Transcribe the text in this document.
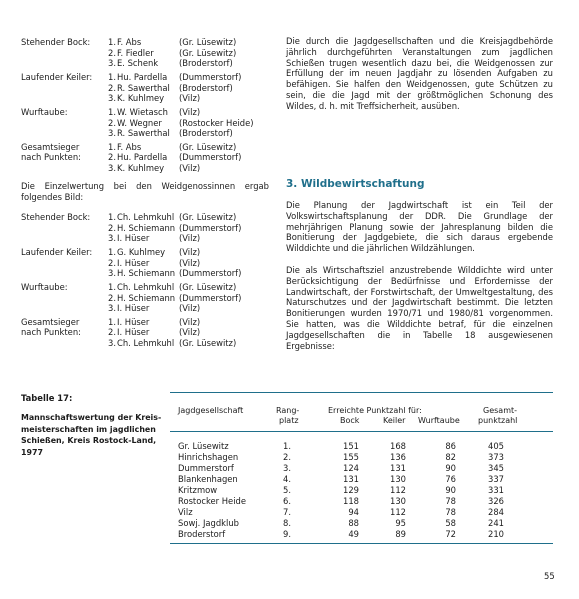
Stehender Bock: 1. F. Abs	(Gr. Lüsewitz)
2. F. Fiedler	(Gr. Lüsewitz)
3. E. Schenk (Broderstorf)
Laufender Keiler: 1. Hu. Pardella (Dummerstorf)
2. R. Sawerthal (Broderstorf)
3. K. Kuhlmey (Vilz)
Wurftaube:	1. W. Wietasch (Vilz)
2. W. Wegner (Rostocker Heide)
3. R. Sawerthal (Broderstorf)
Gesamtsieger	1. F. Abs	(Gr. Lüsewitz)
nach Punkten:	2. Hu. Pardella (Dummerstorf)
3. K. Kuhlmey (Vilz)
Die Einzelwertung bei den Weidgenossinnen ergab folgendes Bild:
Stehender Bock: 1. Ch. Lehmkuhl (Gr. Lüsewitz)
2. H. Schiemann (Dummerstorf)
3. I. Hüser	(Vilz)
Laufender Keiler: 1. G. Kuhlmey (Vilz)
2. I. Hüser	(Vilz)
3. H. Schiemann (Dummerstorf)
Wurftaube:	1. Ch. Lehmkuhl (Gr. Lüsewitz)
2. H. Schiemann (Dummerstorf)
3. I. Hüser	(Vilz)
Gesamtsieger	1. I. Hüser	(Vilz)
nach Punkten:	2. I. Hüser	(Vilz)
3. Ch. Lehmkuhl (Gr. Lüsewitz)
Die durch die Jagdgesellschaften und die Kreisjagdbehörde jährlich durchgeführten Veranstaltungen zum jagdlichen Schießen trugen wesentlich dazu bei, die Weidgenossen zur Erfüllung der im neuen Jagdjahr zu lösenden Aufgaben zu befähigen. Sie halfen den Weidgenossen, gute Schützen zu sein, die die Jagd mit der größtmöglichen Schonung des Wildes, d. h. mit Treffsicherheit, ausüben.
3. Wildbewirtschaftung
Die Planung der Jagdwirtschaft ist ein Teil der Volkswirtschaftsplanung der DDR. Die Grundlage der mehrjährigen Planung sowie der Jahresplanung bilden die Bonitierung der Jagdgebiete, die sich daraus ergebende Wilddichte und die jährlichen Wildzählungen.
Die als Wirtschaftsziel anzustrebende Wilddichte wird unter Berücksichtigung der Bedürfnisse und Erfordernisse der Landwirtschaft, der Forstwirtschaft, der Umweltgestaltung, des Naturschutzes und der Jagdwirtschaft bestimmt. Die letzten Bonitierungen wurden 1970/71 und 1980/81 vorgenommen. Sie hatten, was die Wilddichte betraf, für die einzelnen Jagdgesellschaften die in Tabelle 18 ausgewiesenen Ergebnisse:
Tabelle 17:
Mannschaftswertung der Kreis-
meisterschaften im jagdlichen
Schießen, Kreis Rostock-Land,
1977
Jagdgesellschaft	Rang-
platz
Erreichte Punktzahl für:
Bock	Keiler Wurftaube
Gesamt-
punktzahl
Gr. Lüsewitz	1.	151	168	86	405
Hinrichshagen	2.	155	136	82	373
Dummerstorf	3.	124	131	90	345
Blankenhagen	4.	131	130	76	337
Kritzmow	5.	129	112	90	331
Rostocker Heide	6.	118	130	78	326
Vilz	7.	94	112	78	284
Sowj. Jagdklub	8.	88	95	58	241
Broderstorf	9.	49	89	72	210
55
